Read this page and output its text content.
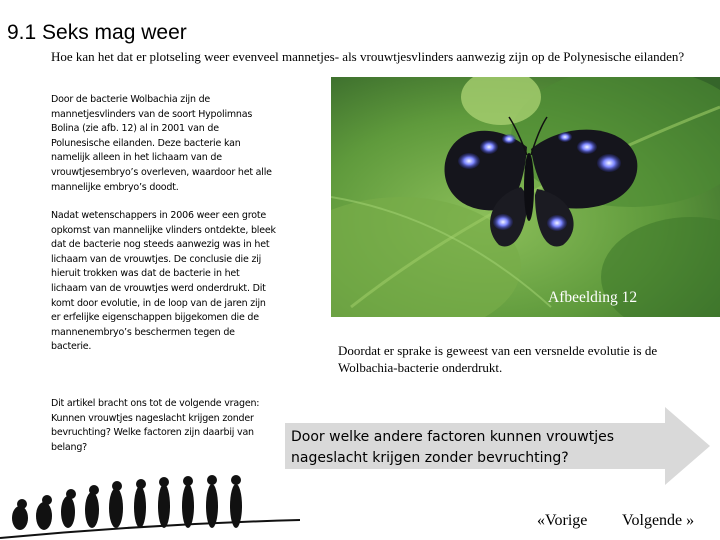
9.1 Seks mag weer
Hoe kan het dat er plotseling weer evenveel mannetjes- als vrouwtjesvlinders aanwezig zijn op de Polynesische eilanden?
Door de bacterie Wolbachia zijn de mannetjesvlinders van de soort Hypolimnas Bolina (zie afb. 12) al in 2001 van de Polunesische eilanden. Deze bacterie kan namelijk alleen in het lichaam van de vrouwtjesembryo’s overleven, waardoor het alle mannelijke embryo’s doodt.
Nadat wetenschappers in 2006 weer een grote opkomst van mannelijke vlinders ontdekte, bleek dat de bacterie nog steeds aanwezig was in het lichaam van de vrouwtjes. De conclusie die zij hieruit trokken was dat de bacterie in het lichaam van de vrouwtjes werd onderdrukt. Dit komt door evolutie, in de loop van de jaren zijn er erfelijke eigenschappen bijgekomen die de mannenembryo’s beschermen tegen de bacterie.
Dit artikel bracht ons tot de volgende vragen: Kunnen vrouwtjes nageslacht krijgen zonder bevruchting? Welke factoren zijn daarbij van belang?
Afbeelding 12
Doordat er sprake is geweest van een versnelde evolutie is de Wolbachia-bacterie onderdrukt.
Door welke andere factoren kunnen vrouwtjes nageslacht krijgen zonder bevruchting?
«Vorige Volgende »
